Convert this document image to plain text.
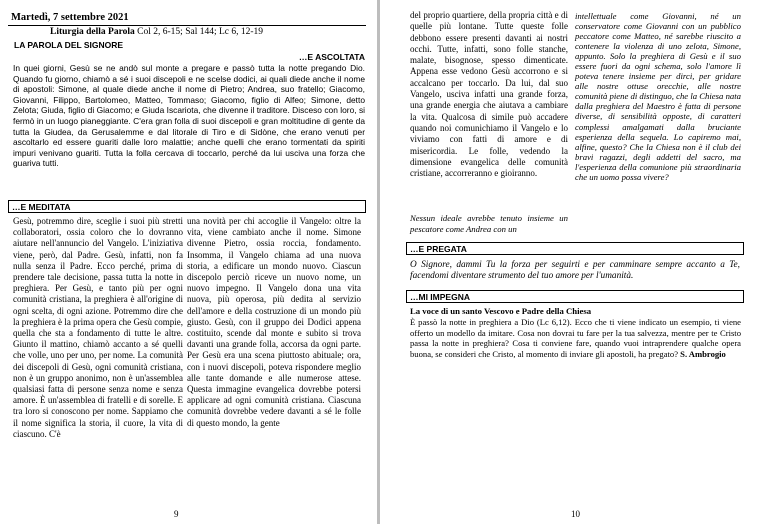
Martedì, 7 settembre 2021
Liturgia della Parola Col 2, 6-15; Sal 144; Lc 6, 12-19
LA PAROLA DEL SIGNORE
…E ASCOLTATA

In quei giorni, Gesù se ne andò sul monte a pregare e passò tutta la notte pregando Dio. Quando fu giorno, chiamò a sé i suoi discepoli e ne scelse dodici, ai quali diede anche il nome di apostoli: Simone, al quale diede anche il nome di Pietro; Andrea, suo fratello; Giacomo, Giovanni, Filippo, Bartolomeo, Matteo, Tommaso; Giacomo, figlio di Alfeo; Simone, detto Zelota; Giuda, figlio di Giacomo; e Giuda Iscariota, che divenne il traditore. Disceso con loro, si fermò in un luogo pianeggiante. C'era gran folla di suoi discepoli e gran moltitudine di gente da tutta la Giudea, da Gerusalemme e dal litorale di Tiro e di Sidòne, che erano venuti per ascoltarlo ed essere guariti dalle loro malattie; anche quelli che erano tormentati da spiriti impuri venivano guariti. Tutta la folla cercava di toccarlo, perché da lui usciva una forza che guariva tutti.

…E MEDITATA

Gesù, potremmo dire, sceglie i suoi più stretti collaboratori, ossia coloro che lo dovranno aiutare nell'annuncio del Vangelo. L'iniziativa viene, però, dal Padre. Gesù, infatti, non fa nulla senza il Padre. Ecco perché, prima di prendere tale decisione, passa tutta la notte in preghiera. Per Gesù, e tanto più per ogni comunità cristiana, la preghiera è all'origine di ogni scelta, di ogni azione. Potremmo dire che la preghiera è la prima opera che Gesù compie, quella che sta a fondamento di tutte le altre. Giunto il mattino, chiamò accanto a sé quelli che volle, uno per uno, per nome. La comunità dei discepoli di Gesù, ogni comunità cristiana, non è un gruppo anonimo, non è un'assemblea qualsiasi fatta di persone senza nome e senza amore. È un'assemblea di fratelli e di sorelle. E tra loro si conoscono per nome. Sappiamo che il nome significa la storia, il cuore, la vita di ciascuno. C'è

una novità per chi accoglie il Vangelo: oltre la vita, viene cambiato anche il nome. Simone divenne Pietro, ossia roccia, fondamento. Insomma, il Vangelo chiama ad una nuova storia, a edificare un mondo nuovo. Ciascun discepolo perciò riceve un nuovo nome, un nuovo impegno. Il Vangelo dona una vita nuova, più operosa, più dedita al servizio dell'amore e della costruzione di un mondo più giusto. Gesù, con il gruppo dei Dodici appena costituito, scende dal monte e subito si trova davanti una grande folla, accorsa da ogni parte. Per Gesù era una scena piuttosto abituale; ora, con i nuovi discepoli, poteva rispondere meglio alle tante domande e alle numerose attese. Questa immagine evangelica dovrebbe potersi applicare ad ogni comunità cristiana. Ciascuna comunità dovrebbe vedere davanti a sé le folle di questo mondo, la gente

9

del proprio quartiere, della propria città e di quelle più lontane. Tutte queste folle debbono essere presenti davanti ai nostri occhi. Tutte, infatti, sono folle stanche, malate, bisognose, spesso dimenticate. Appena esse vedono Gesù accorrono e si accalcano per toccarlo. Da lui, dal suo Vangelo, usciva infatti una grande forza, una grande energia che aiutava a cambiare la vita. Qualcosa di simile può accadere quando noi comunichiamo il Vangelo e lo viviamo con fatti di amore e di misericordia. Le folle, vedendo la dimensione evangelica delle comunità cristiane, accorreranno e gioiranno.

Nessun ideale avrebbe tenuto insieme un pescatore come Andrea con un

intellettuale come Giovanni, né un conservatore come Giovanni con un pubblico peccatore come Matteo, né sarebbe riuscito a contenere la violenza di uno zelota, Simone, appunto. Solo la preghiera di Gesù e il suo essere fuori da ogni schema, solo l'amore lì poteva tenere insieme per dirci, per gridare alle nostre ottuse orecchie, alle nostre comunità piene di distinguo, che la Chiesa nata dalla preghiera del Maestro è fatta di persone diverse, di sensibilità opposte, di caratteri complessi amalgamati dalla bruciante esperienza della sequela. Lo capiremo mai, alfine, questo? Che la Chiesa non è il club dei bravi ragazzi, degli addetti del sacro, ma l'esperienza della comunione più straordinaria che un uomo possa vivere?

…E PREGATA

O Signore, dammi Tu la forza per seguirti e per camminare sempre accanto a Te, facendomi diventare strumento del tuo amore per l'umanità.

…MI IMPEGNA
La voce di un santo Vescovo e Padre della Chiesa

È passò la notte in preghiera a Dio (Lc 6,12). Ecco che ti viene indicato un esempio, ti viene offerto un modello da imitare. Cosa non dovrai tu fare per la tua salvezza, mentre per te Cristo passa la notte in preghiera? Cosa ti conviene fare, quando vuoi intraprendere qualche opera buona, se consideri che Cristo, al momento di inviare gli apostoli, ha pregato? S. Ambrogio

10
